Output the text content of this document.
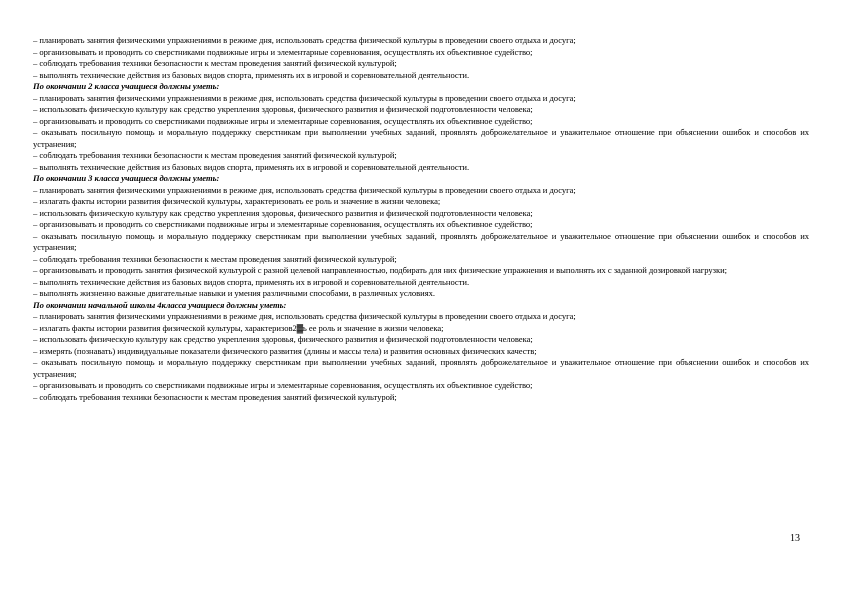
– планировать занятия физическими упражнениями в режиме дня, использовать средства физической культуры в проведении своего отдыха и досуга;
– организовывать и проводить со сверстниками подвижные игры и элементарные соревнования, осуществлять их объективное судейство;
– соблюдать требования техники безопасности к местам проведения занятий физической культурой;
– выполнять технические действия из базовых видов спорта, применять их в игровой и соревновательной деятельности.
По окончании 2 класса учащиеся должны уметь:
– планировать занятия физическими упражнениями в режиме дня, использовать средства физической культуры в проведении своего отдыха и досуга;
– использовать физическую культуру как средство укрепления здоровья, физического развития и физической подготовленности человека;
– организовывать и проводить со сверстниками подвижные игры и элементарные соревнования, осуществлять их объективное судейство;
– оказывать посильную помощь и моральную поддержку сверстникам при выполнении учебных заданий, проявлять доброжелательное и уважительное отношение при объяснении ошибок и способов их устранения;
– соблюдать требования техники безопасности к местам проведения занятий физической культурой;
– выполнять технические действия из базовых видов спорта, применять их в игровой и соревновательной деятельности.
По окончании 3 класса учащиеся должны уметь:
– планировать занятия физическими упражнениями в режиме дня, использовать средства физической культуры в проведении своего отдыха и досуга;
– излагать факты истории развития физической культуры, характеризовать ее роль и значение в жизни человека;
– использовать физическую культуру как средство укрепления здоровья, физического развития и физической подготовленности человека;
– организовывать и проводить со сверстниками подвижные игры и элементарные соревнования, осуществлять их объективное судейство;
– оказывать посильную помощь и моральную поддержку сверстникам при выполнении учебных заданий, проявлять доброжелательное и уважительное отношение при объяснении ошибок и способов их устранения;
– соблюдать требования техники безопасности к местам проведения занятий физической культурой;
– организовывать и проводить занятия физической культурой с разной целевой направленностью, подбирать для них физические упражнения и выполнять их с заданной дозировкой нагрузки;
– выполнять технические действия из базовых видов спорта, применять их в игровой и соревновательной деятельности.
– выполнять жизненно важные двигательные навыки и умения различными способами, в различных условиях.
По окончании начальной школы 4класса учащиеся должны уметь:
– планировать занятия физическими упражнениями в режиме дня, использовать средства физической культуры в проведении своего отдыха и досуга;
– излагать факты истории развития физической культуры, характеризов2▓ь ее роль и значение в жизни человека;
– использовать физическую культуру как средство укрепления здоровья, физического развития и физической подготовленности человека;
– измерять (познавать) индивидуальные показатели физического развития (длины и массы тела) и развития основных физических качеств;
– оказывать посильную помощь и моральную поддержку сверстникам при выполнении учебных заданий, проявлять доброжелательное и уважительное отношение при объяснении ошибок и способов их устранения;
– организовывать и проводить со сверстниками подвижные игры и элементарные соревнования, осуществлять их объективное судейство;
– соблюдать требования техники безопасности к местам проведения занятий физической культурой;
13
